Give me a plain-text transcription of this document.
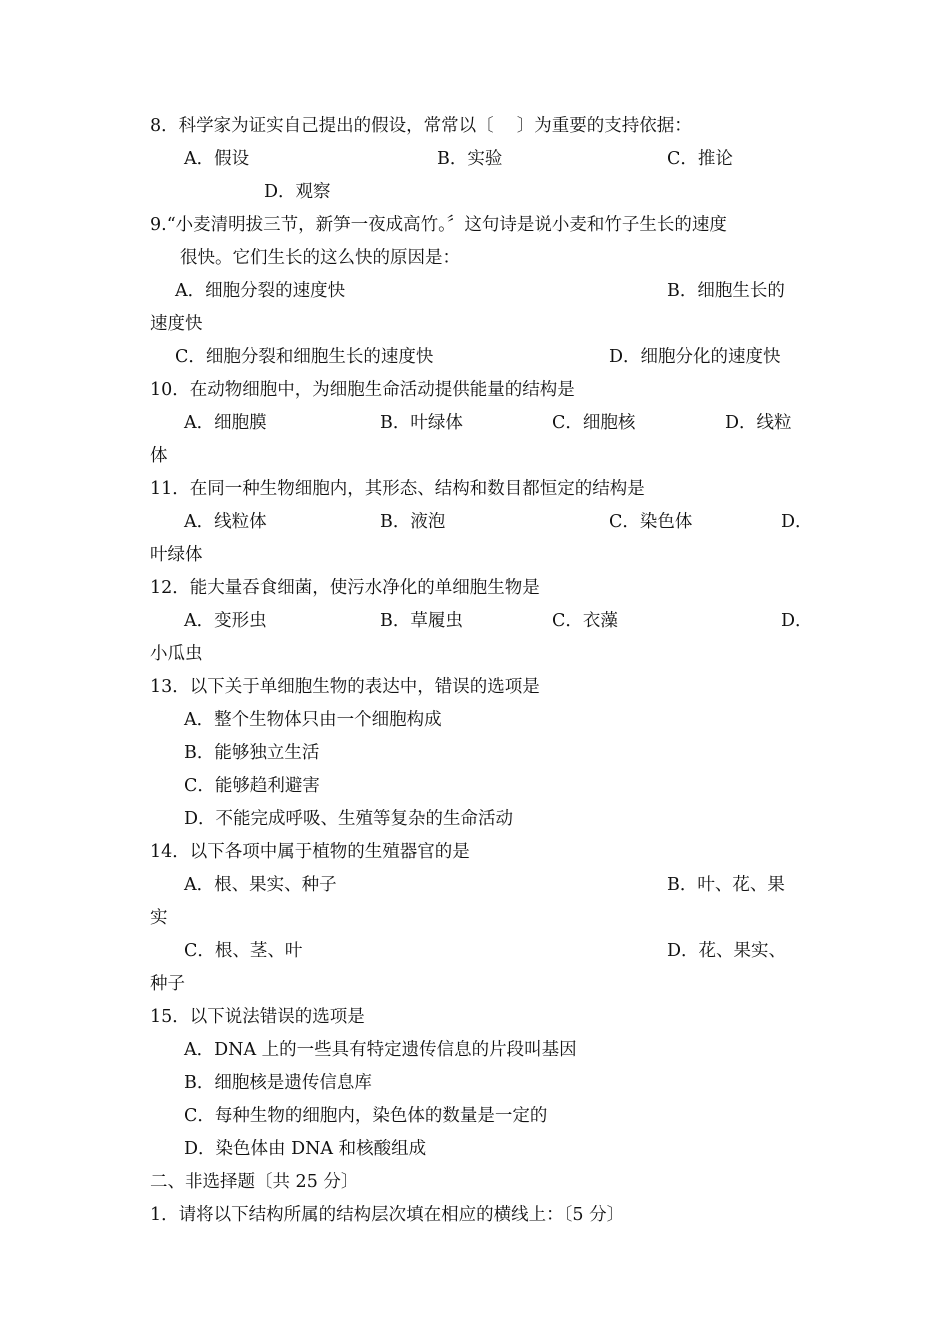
8．科学家为证实自己提出的假设，常常以〔 　〕为重要的支持依据：
A．假设	B．实验	C．推论
D．观察
9.“小麦清明拔三节，新笋一夜成高竹。〞这句诗是说小麦和竹子生长的速度
很快。它们生长的这么快的原因是：
A．细胞分裂的速度快	B．细胞生长的
速度快
C．细胞分裂和细胞生长的速度快	D．细胞分化的速度快
10．在动物细胞中，为细胞生命活动提供能量的结构是
A．细胞膜	B．叶绿体	C．细胞核	D．线粒
体
11．在同一种生物细胞内，其形态、结构和数目都恒定的结构是
A．线粒体	B．液泡	C．染色体	D．
叶绿体
12．能大量吞食细菌，使污水净化的单细胞生物是
A．变形虫	B．草履虫	C．衣藻	D．
小瓜虫
13．以下关于单细胞生物的表达中，错误的选项是
A．整个生物体只由一个细胞构成
B．能够独立生活
C．能够趋利避害
D．不能完成呼吸、生殖等复杂的生命活动
14．以下各项中属于植物的生殖器官的是
A．根、果实、种子	B．叶、花、果
实
C．根、茎、叶	D．花、果实、
种子
15．以下说法错误的选项是
A．DNA 上的一些具有特定遗传信息的片段叫基因
B．细胞核是遗传信息库
C．每种生物的细胞内，染色体的数量是一定的
D．染色体由 DNA 和核酸组成
二、非选择题〔共 25 分〕
1．请将以下结构所属的结构层次填在相应的横线上：〔5 分〕
